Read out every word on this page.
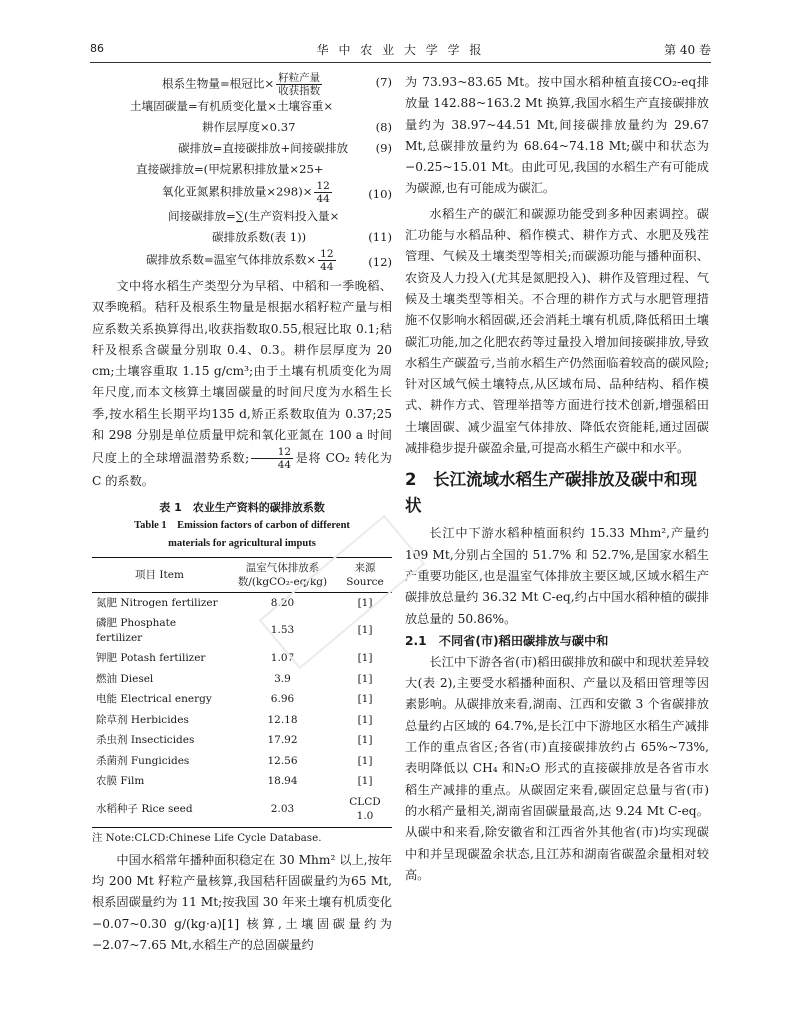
86	华 中 农 业 大 学 学 报	第 40 卷
根系生物量=根冠比× $\frac{\text{籽粒产量}}{\text{收获指数}}$	(7)
土壤固碳量=有机质变化量×土壤容重×
耕作层厚度×0.37	(8)
碳排放=直接碳排放+间接碳排放 (9)
直接碳排放=(甲烷累积排放量×25+
氧化亚氮累积排放量$\times 298)\times \frac{12}{44}$	(10)
间接碳排放=∑(生产资料投入量×
碳排放系数(表 1))	(11)
碳排放系数=温室气体排放系数× $\frac{12}{44}$	(12)

文中将水稻生产类型分为早稻、中稻和一季晚稻、双季晚稻。秸秆及根系生物量是根据水稻籽粒产量与相应系数关系换算得出,收获指数取0.55,根冠比取 0.1;秸秆及根系含碳量分别取 0.4、0.3。耕作层厚度为 20 cm;土壤容重取 1.15 g/cm³;由于土壤有机质变化为周年尺度,而本文核算土壤固碳量的时间尺度为水稻生长季,按水稻生长期平均135 d,矫正系数取值为 0.37;25 和 298 分别是单位质量甲烷和氧化亚氮在 100 a 时间尺度上的全球增温潜势系数; $\frac{12}{44}$ 是将 CO₂ 转化为 C 的系数。

表 1　农业生产资料的碳排放系数
Table 1　Emission factors of carbon of different materials for agricultural imputs
项目 Item	温室气体排放系数/(kgCO₂-eq/kg)	来源 Source
氮肥 Nitrogen fertilizer	8.20	[1]
磷肥 Phosphate fertilizer	1.53	[1]
钾肥 Potash fertilizer	1.07	[1]
燃油 Diesel	3.9	[1]
电能 Electrical energy	6.96	[1]
除草剂 Herbicides	12.18	[1]
杀虫剂 Insecticides	17.92	[1]
杀菌剂 Fungicides	12.56	[1]
农膜 Film	18.94	[1]
水稻种子 Rice seed	2.03	CLCD 1.0
注 Note:CLCD:Chinese Life Cycle Database.

中国水稻常年播种面积稳定在 30 Mhm² 以上,按年均 200 Mt 籽粒产量核算,我国秸秆固碳量约为65 Mt,根系固碳量约为 11 Mt;按我国 30 年来土壤有机质变化 −0.07~0.30 g/(kg·a)[1] 核算,土壤固碳量约为 −2.07~7.65 Mt,水稻生产的总固碳量约

为 73.93~83.65 Mt。按中国水稻种植直接CO₂-eq排放量 142.88~163.2 Mt 换算,我国水稻生产直接碳排放量约为 38.97~44.51 Mt,间接碳排放量约为 29.67 Mt,总碳排放量约为 68.64~74.18 Mt;碳中和状态为 −0.25~15.01 Mt。由此可见,我国的水稻生产有可能成为碳源,也有可能成为碳汇。

水稻生产的碳汇和碳源功能受到多种因素调控。碳汇功能与水稻品种、稻作模式、耕作方式、水肥及残茬管理、气候及土壤类型等相关;而碳源功能与播种面积、农资及人力投入(尤其是氮肥投入)、耕作及管理过程、气候及土壤类型等相关。不合理的耕作方式与水肥管理措施不仅影响水稻固碳,还会消耗土壤有机质,降低稻田土壤碳汇功能,加之化肥农药等过量投入增加间接碳排放,导致水稻生产碳盈亏,当前水稻生产仍然面临着较高的碳风险;针对区域气候土壤特点,从区域布局、品种结构、稻作模式、耕作方式、管理举措等方面进行技术创新,增强稻田土壤固碳、减少温室气体排放、降低农资能耗,通过固碳减排稳步提升碳盈余量,可提高水稻生产碳中和水平。

2　长江流域水稻生产碳排放及碳中和现状

长江中下游水稻种植面积约 15.33 Mhm²,产量约 109 Mt,分别占全国的 51.7% 和 52.7%,是国家水稻生产重要功能区,也是温室气体排放主要区域,区域水稻生产碳排放总量约 36.32 Mt C-eq,约占中国水稻种植的碳排放总量的 50.86%。

2.1　不同省(市)稻田碳排放与碳中和

长江中下游各省(市)稻田碳排放和碳中和现状差异较大(表 2),主要受水稻播种面积、产量以及稻田管理等因素影响。从碳排放来看,湖南、江西和安徽 3 个省碳排放总量约占区域的 64.7%,是长江中下游地区水稻生产减排工作的重点省区;各省(市)直接碳排放约占 65%~73%,表明降低以 CH₄ 和N₂O 形式的直接碳排放是各省市水稻生产减排的重点。从碳固定来看,碳固定总量与省(市)的水稻产量相关,湖南省固碳量最高,达 9.24 Mt C-eq。从碳中和来看,除安徽省和江西省外其他省(市)均实现碳中和并呈现碳盈余状态,且江苏和湖南省碳盈余量相对较高。
